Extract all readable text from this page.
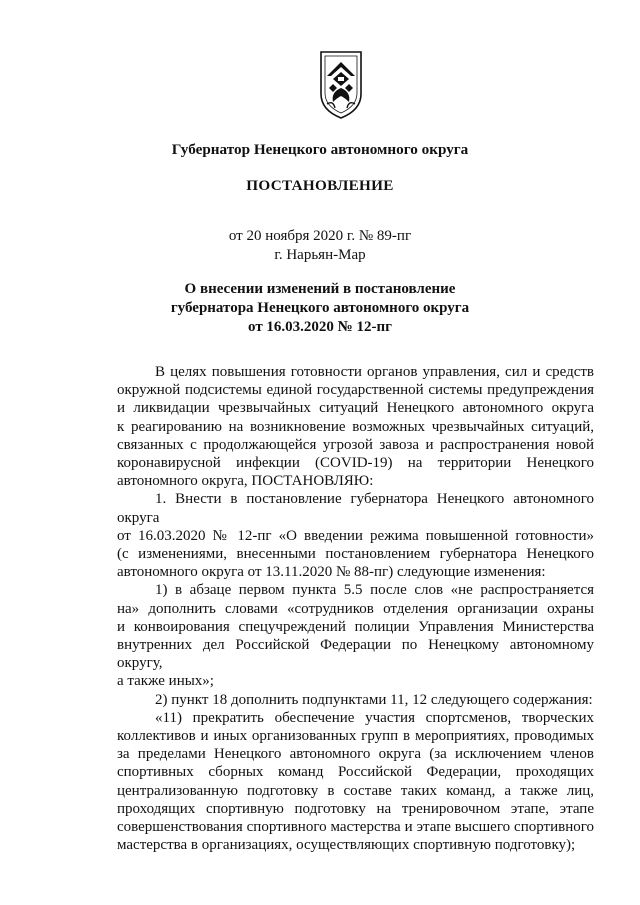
Губернатор Ненецкого автономного округа
ПОСТАНОВЛЕНИЕ
от 20 ноября 2020 г. № 89-пг
г. Нарьян-Мар
О внесении изменений в постановление
губернатора Ненецкого автономного округа
от 16.03.2020 № 12-пг

В целях повышения готовности органов управления, сил и средств

окружной подсистемы единой государственной системы предупреждения

и ликвидации чрезвычайных ситуаций Ненецкого автономного округа

к реагированию на возникновение возможных чрезвычайных ситуаций,

связанных с продолжающейся угрозой завоза и распространения новой

коронавирусной инфекции (COVID-19) на территории Ненецкого

автономного округа, ПОСТАНОВЛЯЮ:

1. Внести в постановление губернатора Ненецкого автономного округа

от 16.03.2020 № 12-пг «О введении режима повышенной готовности»

(с изменениями, внесенными постановлением губернатора Ненецкого

автономного округа от 13.11.2020 № 88-пг) следующие изменения:

1) в абзаце первом пункта 5.5 после слов «не распространяется

на» дополнить словами «сотрудников отделения организации охраны

и конвоирования спецучреждений полиции Управления Министерства

внутренних дел Российской Федерации по Ненецкому автономному округу,

а также иных»;

2) пункт 18 дополнить подпунктами 11, 12 следующего содержания:

«11) прекратить обеспечение участия спортсменов, творческих

коллективов и иных организованных групп в мероприятиях, проводимых

за пределами Ненецкого автономного округа (за исключением членов

спортивных сборных команд Российской Федерации, проходящих

централизованную подготовку в составе таких команд, а также лиц,

проходящих спортивную подготовку на тренировочном этапе, этапе

совершенствования спортивного мастерства и этапе высшего спортивного

мастерства в организациях, осуществляющих спортивную подготовку);
